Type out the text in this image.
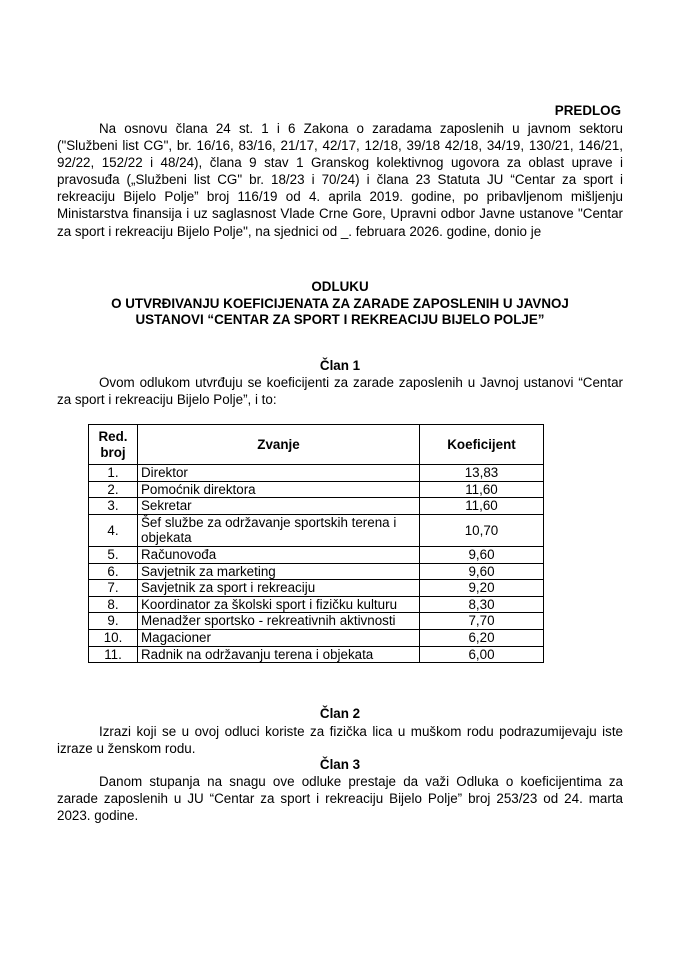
PREDLOG

Na osnovu člana 24 st. 1 i 6 Zakona o zaradama zaposlenih u javnom sektoru ("Službeni list CG", br. 16/16, 83/16, 21/17, 42/17, 12/18, 39/18 42/18, 34/19, 130/21, 146/21, 92/22, 152/22 i 48/24), člana 9 stav 1 Granskog kolektivnog ugovora za oblast uprave i pravosuđa („Službeni list CG" br. 18/23 i 70/24) i člana 23 Statuta JU “Centar za sport i rekreaciju Bijelo Polje” broj 116/19 od 4. aprila 2019. godine, po pribavljenom mišljenju Ministarstva finansija i uz saglasnost Vlade Crne Gore, Upravni odbor Javne ustanove "Centar za sport i rekreaciju Bijelo Polje", na sjednici od _. februara 2026. godine, donio je

ODLUKU
O UTVRĐIVANJU KOEFICIJENATA ZA ZARADE ZAPOSLENIH U JAVNOJ
USTANOVI “CENTAR ZA SPORT I REKREACIJU BIJELO POLJE”
Član 1

Ovom odlukom utvrđuju se koeficijenti za zarade zaposlenih u Javnoj ustanovi “Centar za sport i rekreaciju Bijelo Polje”, i to:

Red. broj	Zvanje	Koeficijent
1.	Direktor	13,83
2.	Pomoćnik direktora	11,60
3.	Sekretar	11,60
4.	Šef službe za održavanje sportskih terena i objekata	10,70
5.	Računovođa	9,60
6.	Savjetnik za marketing	9,60
7.	Savjetnik za sport i rekreaciju	9,20
8.	Koordinator za školski sport i fizičku kulturu	8,30
9.	Menadžer sportsko - rekreativnih aktivnosti	7,70
10.	Magacioner	6,20
11.	Radnik na održavanju terena i objekata	6,00
Član 2

Izrazi koji se u ovoj odluci koriste za fizička lica u muškom rodu podrazumijevaju iste izraze u ženskom rodu.

Član 3

Danom stupanja na snagu ove odluke prestaje da važi Odluka o koeficijentima za zarade zaposlenih u JU “Centar za sport i rekreaciju Bijelo Polje” broj 253/23 od 24. marta 2023. godine.
